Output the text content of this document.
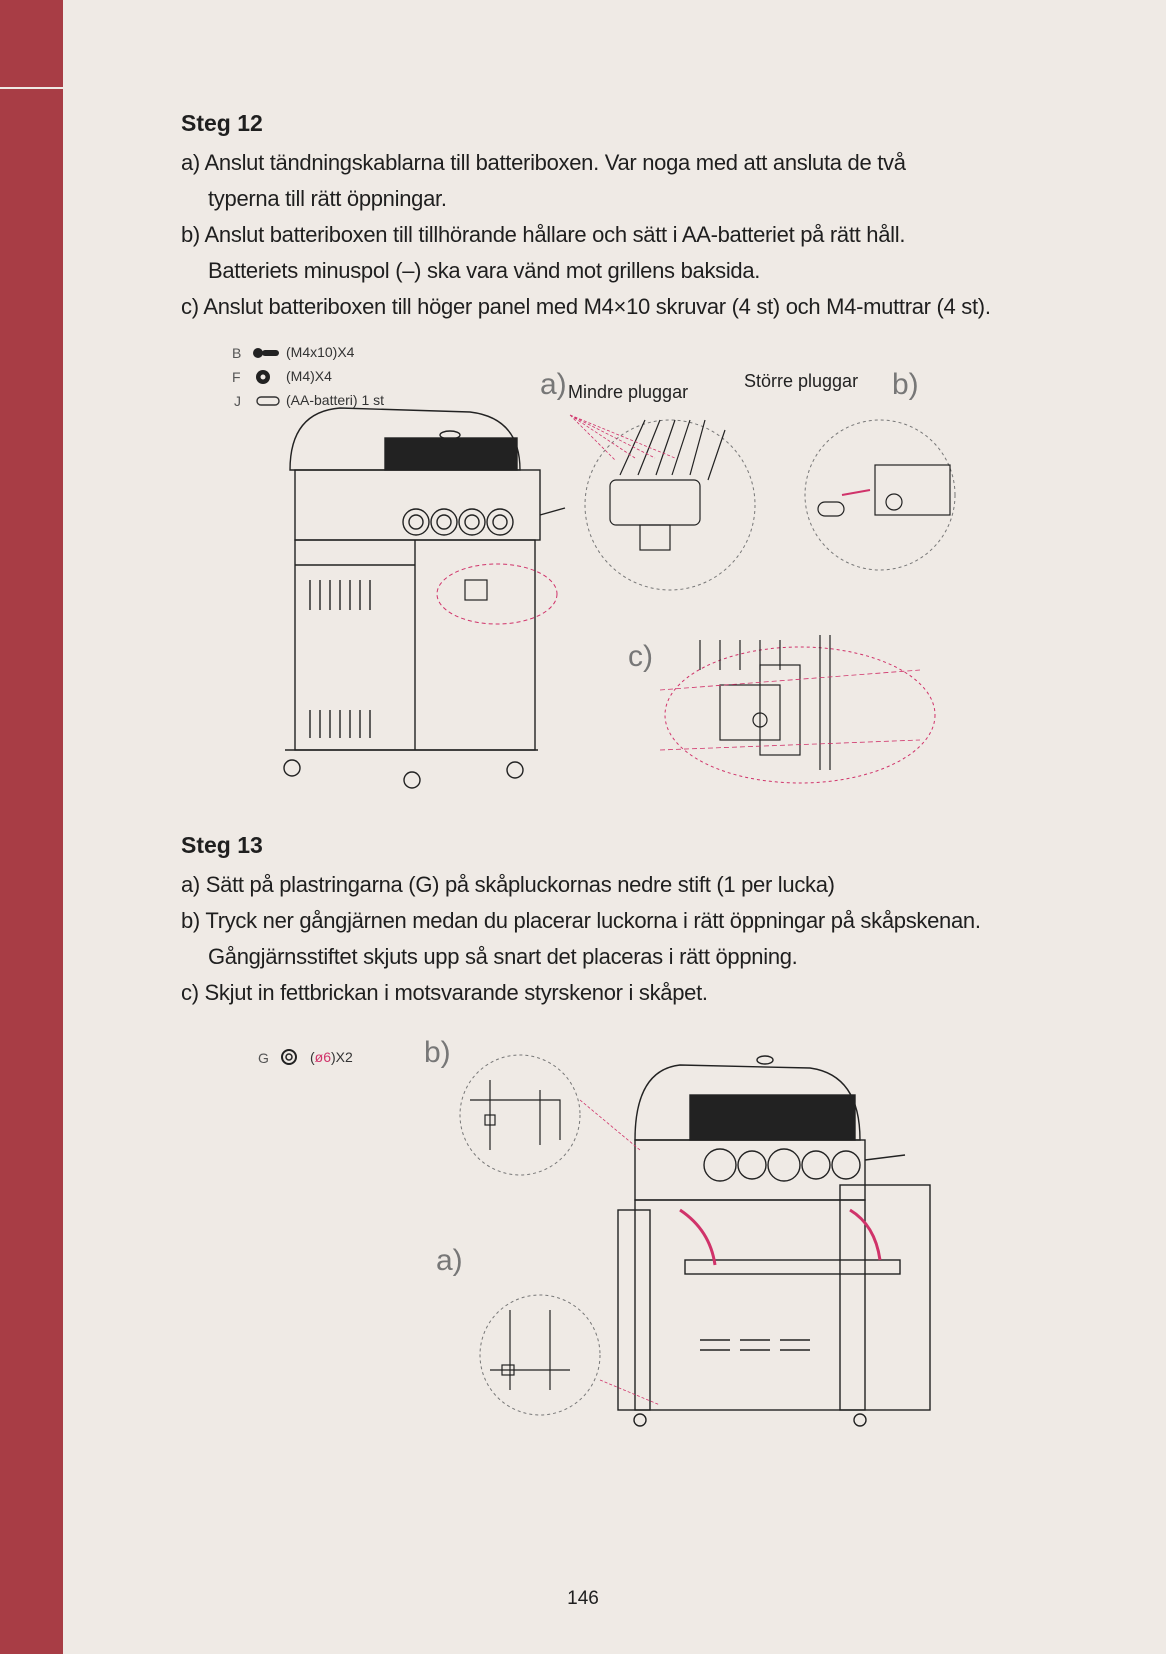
Steg 12
a) Anslut tändningskablarna till batteriboxen. Var noga med att ansluta de två
typerna till rätt öppningar.
b) Anslut batteriboxen till tillhörande hållare och sätt i AA-batteriet på rätt håll.
Batteriets minuspol (–) ska vara vänd mot grillens baksida.
c) Anslut batteriboxen till höger panel med M4×10 skruvar (4 st) och M4-muttrar (4 st).
B	(M4x10)X4
F	(M4)X4
J	(AA-batteri) 1 st	a) Mindre pluggar
Större pluggar b)
c)
Steg 13
a) Sätt på plastringarna (G) på skåpluckornas nedre stift (1 per lucka)
b) Tryck ner gångjärnen medan du placerar luckorna i rätt öppningar på skåpskenan.
Gångjärnsstiftet skjuts upp så snart det placeras i rätt öppning.
c) Skjut in fettbrickan i motsvarande styrskenor i skåpet.
G	(ø6)X2 b)
a)
146
